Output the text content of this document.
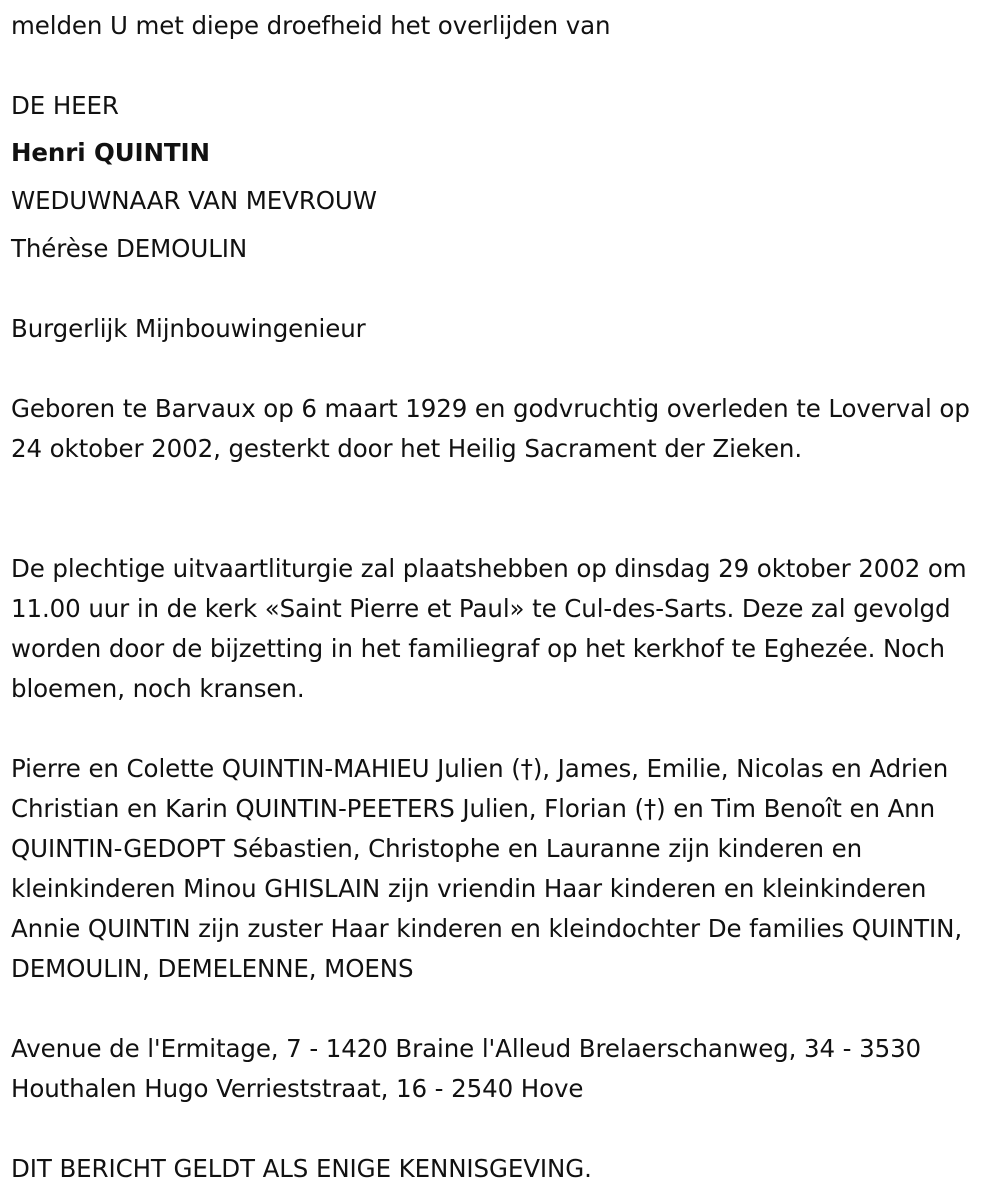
melden U met diepe droefheid het overlijden van
DE HEER
Henri QUINTIN
WEDUWNAAR VAN MEVROUW
Thérèse DEMOULIN
Burgerlijk Mijnbouwingenieur
Geboren te Barvaux op 6 maart 1929 en godvruchtig overleden te Loverval op 24 oktober 2002, gesterkt door het Heilig Sacrament der Zieken.
De plechtige uitvaartliturgie zal plaatshebben op dinsdag 29 oktober 2002 om 11.00 uur in de kerk «Saint Pierre et Paul» te Cul-des-Sarts. Deze zal gevolgd worden door de bijzetting in het familiegraf op het kerkhof te Eghezée. Noch bloemen, noch kransen.
Pierre en Colette QUINTIN-MAHIEU Julien (†), James, Emilie, Nicolas en Adrien Christian en Karin QUINTIN-PEETERS Julien, Florian (†) en Tim Benoît en Ann QUINTIN-GEDOPT Sébastien, Christophe en Lauranne zijn kinderen en kleinkinderen Minou GHISLAIN zijn vriendin Haar kinderen en kleinkinderen Annie QUINTIN zijn zuster Haar kinderen en kleindochter De families QUINTIN, DEMOULIN, DEMELENNE, MOENS
Avenue de l'Ermitage, 7 - 1420 Braine l'Alleud Brelaerschanweg, 34 - 3530 Houthalen Hugo Verrieststraat, 16 - 2540 Hove
DIT BERICHT GELDT ALS ENIGE KENNISGEVING.
